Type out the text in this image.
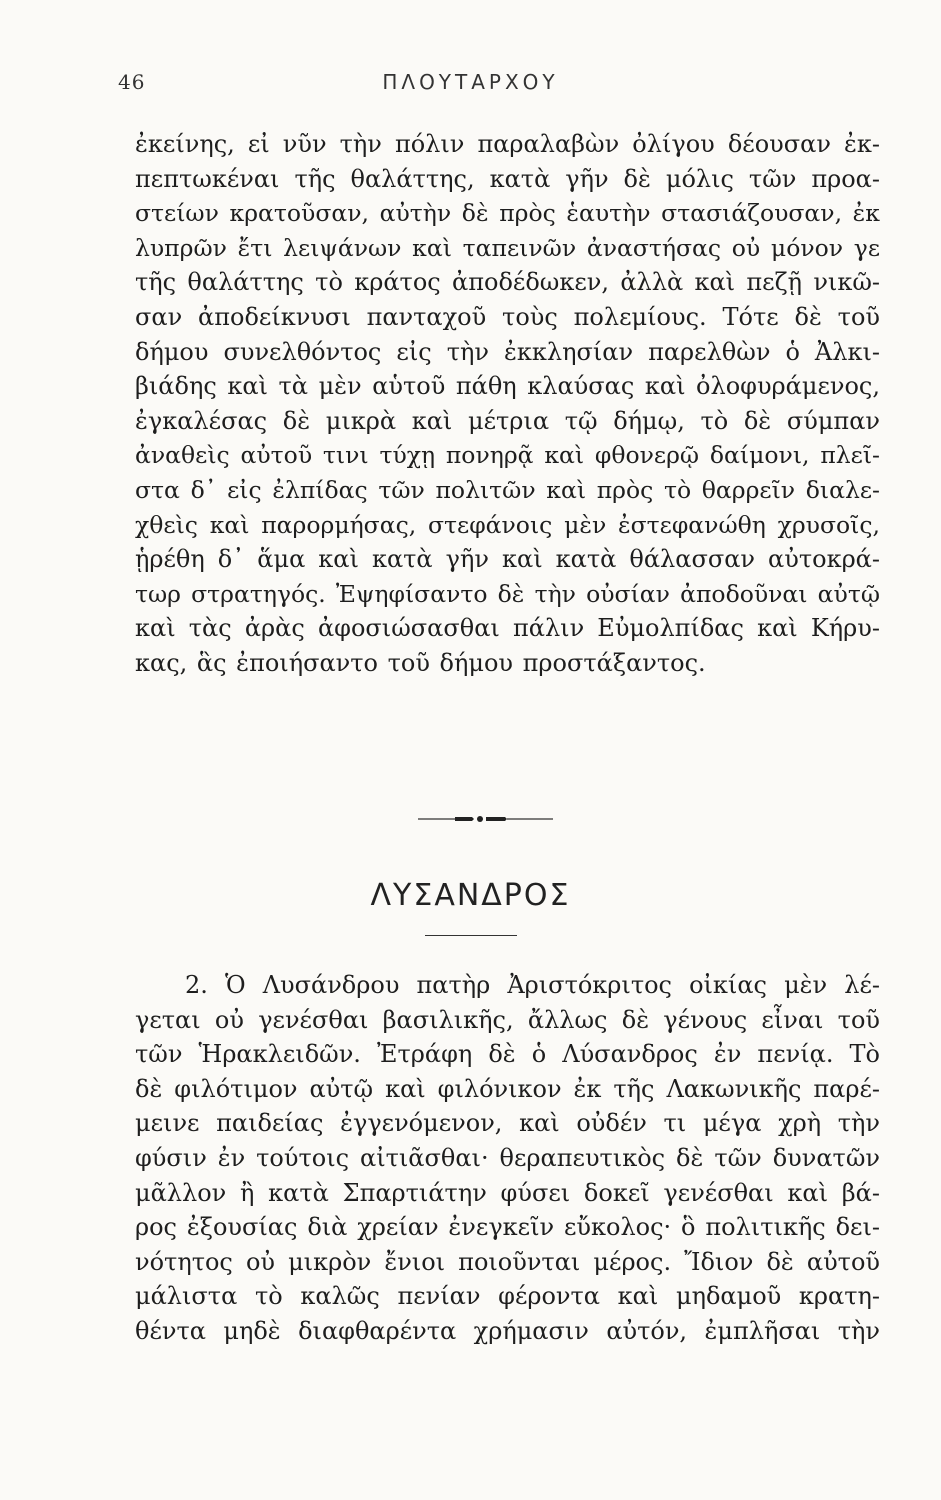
46	ΠΛΟΥΤΑΡΧΟΥ
ἐκείνης, εἰ νῦν τὴν πόλιν παραλαβὼν ὀλίγου δέουσαν ἐκ-
πεπτωκέναι τῆς θαλάττης, κατὰ γῆν δὲ μόλις τῶν προα-
στείων κρατοῦσαν, αὐτὴν δὲ πρὸς ἑαυτὴν στασιάζουσαν, ἐκ
λυπρῶν ἔτι λειψάνων καὶ ταπεινῶν ἀναστήσας οὐ μόνον γε
τῆς θαλάττης τὸ κράτος ἀποδέδωκεν, ἀλλὰ καὶ πεζῇ νικῶ-
σαν ἀποδείκνυσι πανταχοῦ τοὺς πολεμίους. Τότε δὲ τοῦ
δήμου συνελθόντος εἰς τὴν ἐκκλησίαν παρελθὼν ὁ Ἀλκι-
βιάδης καὶ τὰ μὲν αὑτοῦ πάθη κλαύσας καὶ ὀλοφυράμενος,
ἐγκαλέσας δὲ μικρὰ καὶ μέτρια τῷ δήμῳ, τὸ δὲ σύμπαν
ἀναθεὶς αὐτοῦ τινι τύχῃ πονηρᾷ καὶ φθονερῷ δαίμονι, πλεῖ-
στα δ᾽ εἰς ἐλπίδας τῶν πολιτῶν καὶ πρὸς τὸ θαρρεῖν διαλε-
χθεὶς καὶ παρορμήσας, στεφάνοις μὲν ἐστεφανώθη χρυσοῖς,
ᾑρέθη δ᾽ ἅμα καὶ κατὰ γῆν καὶ κατὰ θάλασσαν αὐτοκρά-
τωρ στρατηγός. Ἐψηφίσαντο δὲ τὴν οὐσίαν ἀποδοῦναι αὐτῷ
καὶ τὰς ἀρὰς ἀφοσιώσασθαι πάλιν Εὐμολπίδας καὶ Κήρυ-
κας, ἃς ἐποιήσαντο τοῦ δήμου προστάξαντος.
ΛΥΣΑΝΔΡΟΣ
2. Ὁ Λυσάνδρου πατὴρ Ἀριστόκριτος οἰκίας μὲν λέ-
γεται οὐ γενέσθαι βασιλικῆς, ἄλλως δὲ γένους εἶναι τοῦ
τῶν Ἡρακλειδῶν. Ἐτράφη δὲ ὁ Λύσανδρος ἐν πενίᾳ. Τὸ
δὲ φιλότιμον αὐτῷ καὶ φιλόνικον ἐκ τῆς Λακωνικῆς παρέ-
μεινε παιδείας ἐγγενόμενον, καὶ οὐδέν τι μέγα χρὴ τὴν
φύσιν ἐν τούτοις αἰτιᾶσθαι· θεραπευτικὸς δὲ τῶν δυνατῶν
μᾶλλον ἢ κατὰ Σπαρτιάτην φύσει δοκεῖ γενέσθαι καὶ βά-
ρος ἐξουσίας διὰ χρείαν ἐνεγκεῖν εὔκολος· ὃ πολιτικῆς δει-
νότητος οὐ μικρὸν ἔνιοι ποιοῦνται μέρος. Ἴδιον δὲ αὐτοῦ
μάλιστα τὸ καλῶς πενίαν φέροντα καὶ μηδαμοῦ κρατη-
θέντα μηδὲ διαφθαρέντα χρήμασιν αὐτόν, ἐμπλῆσαι τὴν
